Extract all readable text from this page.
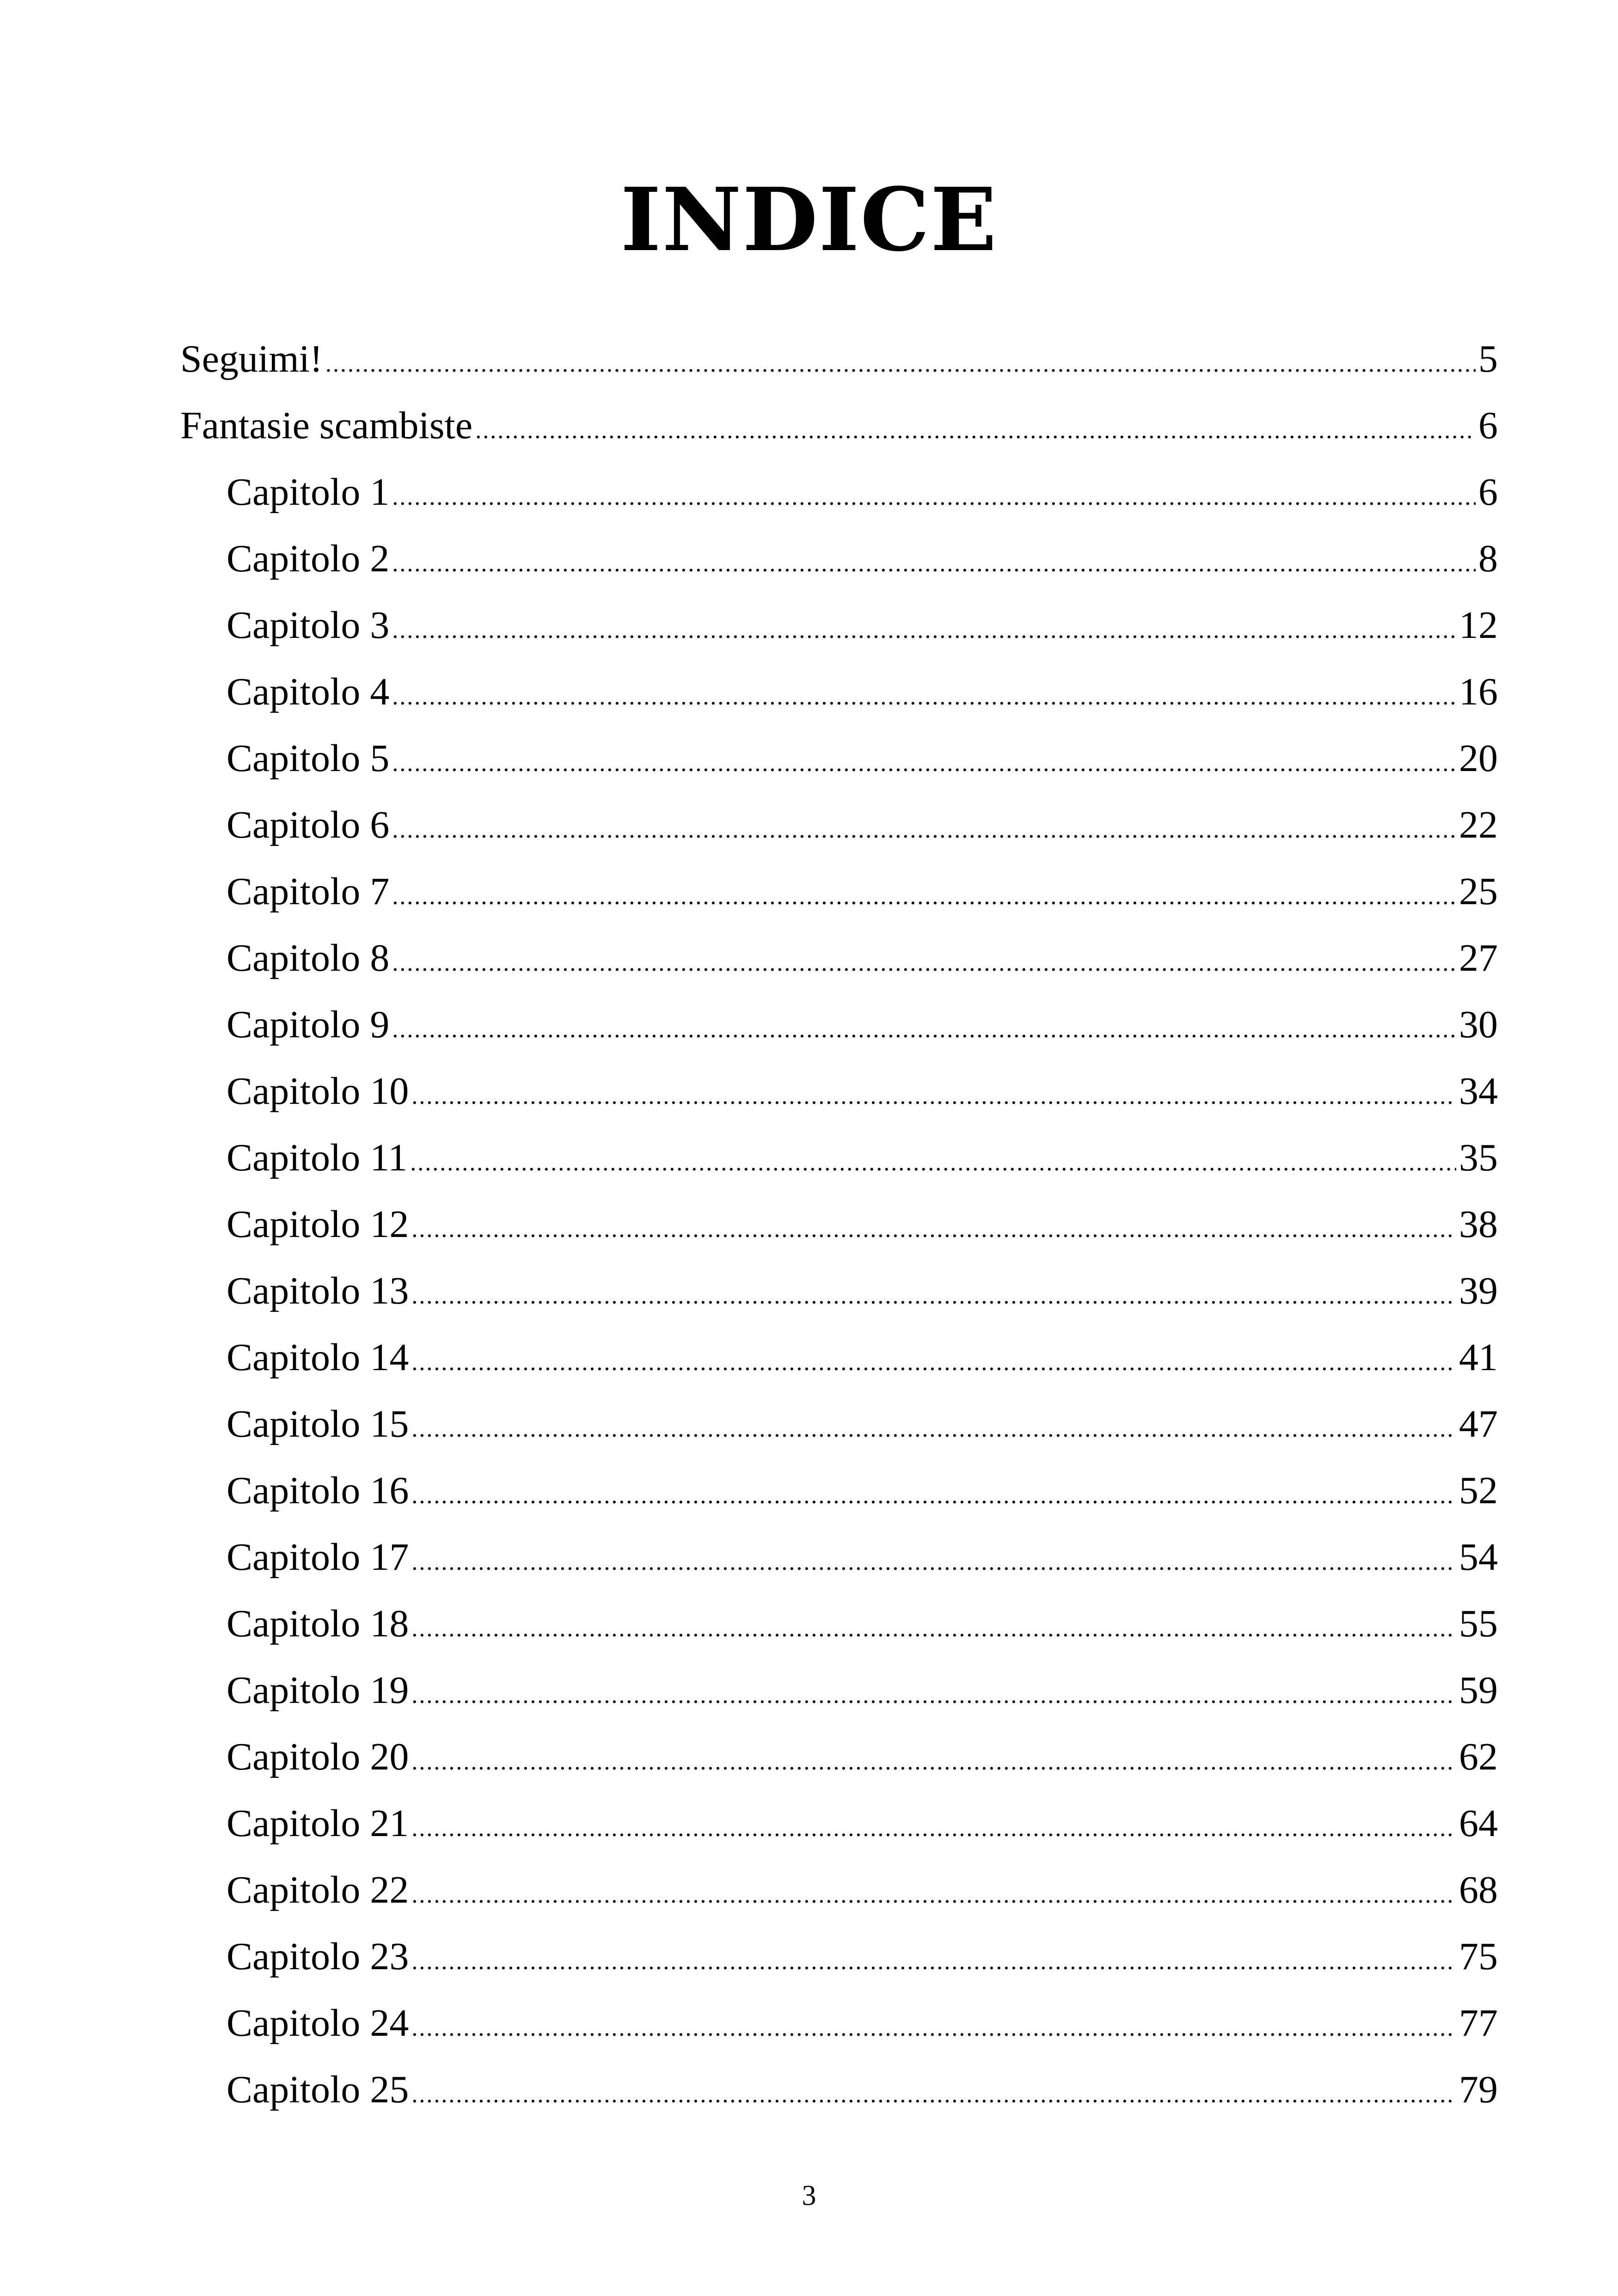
INDICE
Seguimi! .....	5
Fantasie scambiste .....	6
Capitolo 1 .....	6
Capitolo 2 .....	8
Capitolo 3 .....	12
Capitolo 4 .....	16
Capitolo 5 .....	20
Capitolo 6 .....	22
Capitolo 7 .....	25
Capitolo 8 .....	27
Capitolo 9 .....	30
Capitolo 10 .....	34
Capitolo 11 .....	35
Capitolo 12 .....	38
Capitolo 13 .....	39
Capitolo 14 .....	41
Capitolo 15 .....	47
Capitolo 16 .....	52
Capitolo 17 .....	54
Capitolo 18 .....	55
Capitolo 19 .....	59
Capitolo 20 .....	62
Capitolo 21 .....	64
Capitolo 22 .....	68
Capitolo 23 .....	75
Capitolo 24 .....	77
Capitolo 25 .....	79
3
